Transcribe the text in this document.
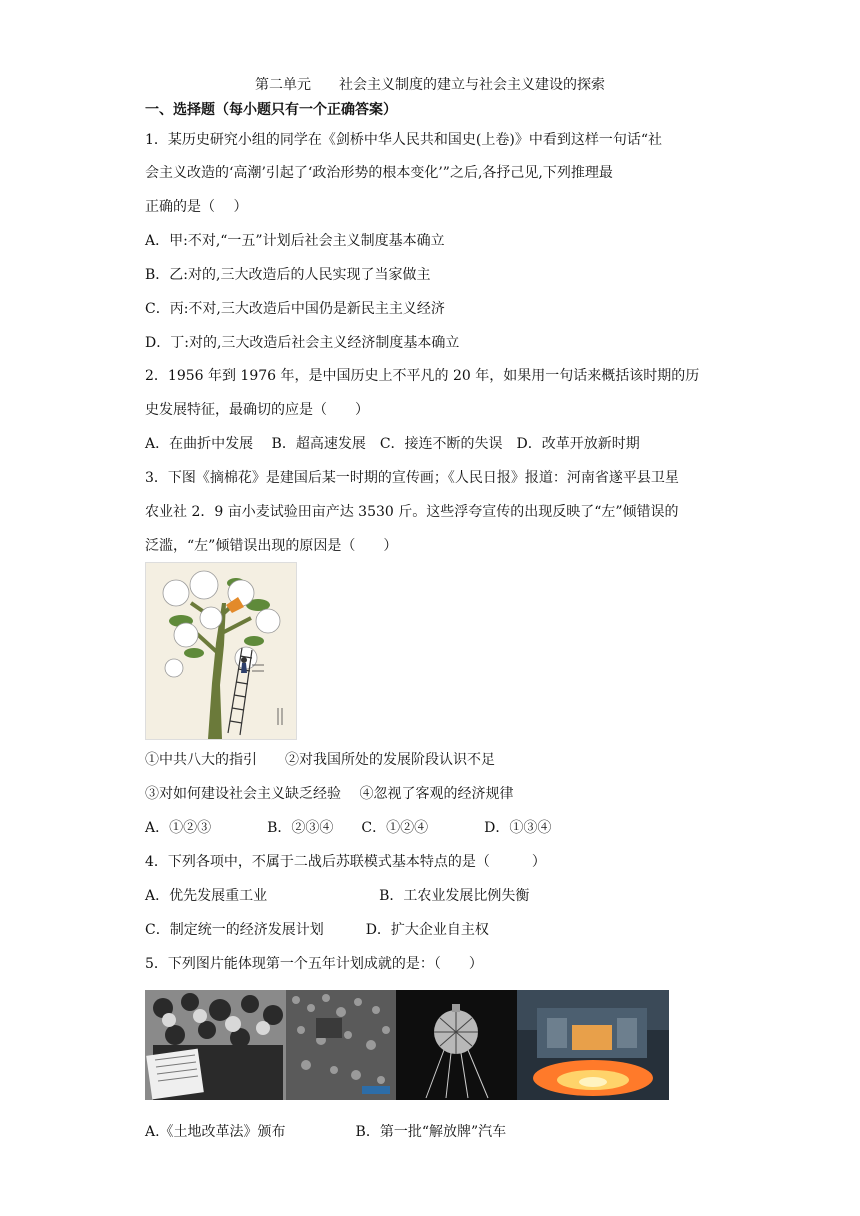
第二单元　　社会主义制度的建立与社会主义建设的探索
一、选择题（每小题只有一个正确答案）
1．某历史研究小组的同学在《剑桥中华人民共和国史(上卷)》中看到这样一句话“社
会主义改造的‘高潮’引起了‘政治形势的根本变化’”之后,各抒己见,下列推理最
正确的是（　 ）
A．甲:不对,“一五”计划后社会主义制度基本确立
B．乙:对的,三大改造后的人民实现了当家做主
C．丙:不对,三大改造后中国仍是新民主主义经济
D．丁:对的,三大改造后社会主义经济制度基本确立
2．1956 年到 1976 年，是中国历史上不平凡的 20 年，如果用一句话来概括该时期的历
史发展特征，最确切的应是（　　）
A．在曲折中发展　 B．超高速发展　C．接连不断的失误　D．改革开放新时期
3．下图《摘棉花》是建国后某一时期的宣传画；《人民日报》报道：河南省遂平县卫星
农业社 2．9 亩小麦试验田亩产达 3530 斤。这些浮夸宣传的出现反映了“左”倾错误的
泛滥，“左”倾错误出现的原因是（　　）
①中共八大的指引　　②对我国所处的发展阶段认识不足
③对如何建设社会主义缺乏经验　 ④忽视了客观的经济规律
A．①②③　　　　B．②③④　　C．①②④　　　　D．①③④
4．下列各项中，不属于二战后苏联模式基本特点的是（　　　）
A．优先发展重工业　　　　　　　　B．工农业发展比例失衡
C．制定统一的经济发展计划　　　D．扩大企业自主权
5．下列图片能体现第一个五年计划成就的是：（　　）
A.《土地改革法》颁布　　　　　B．第一批“解放牌”汽车
